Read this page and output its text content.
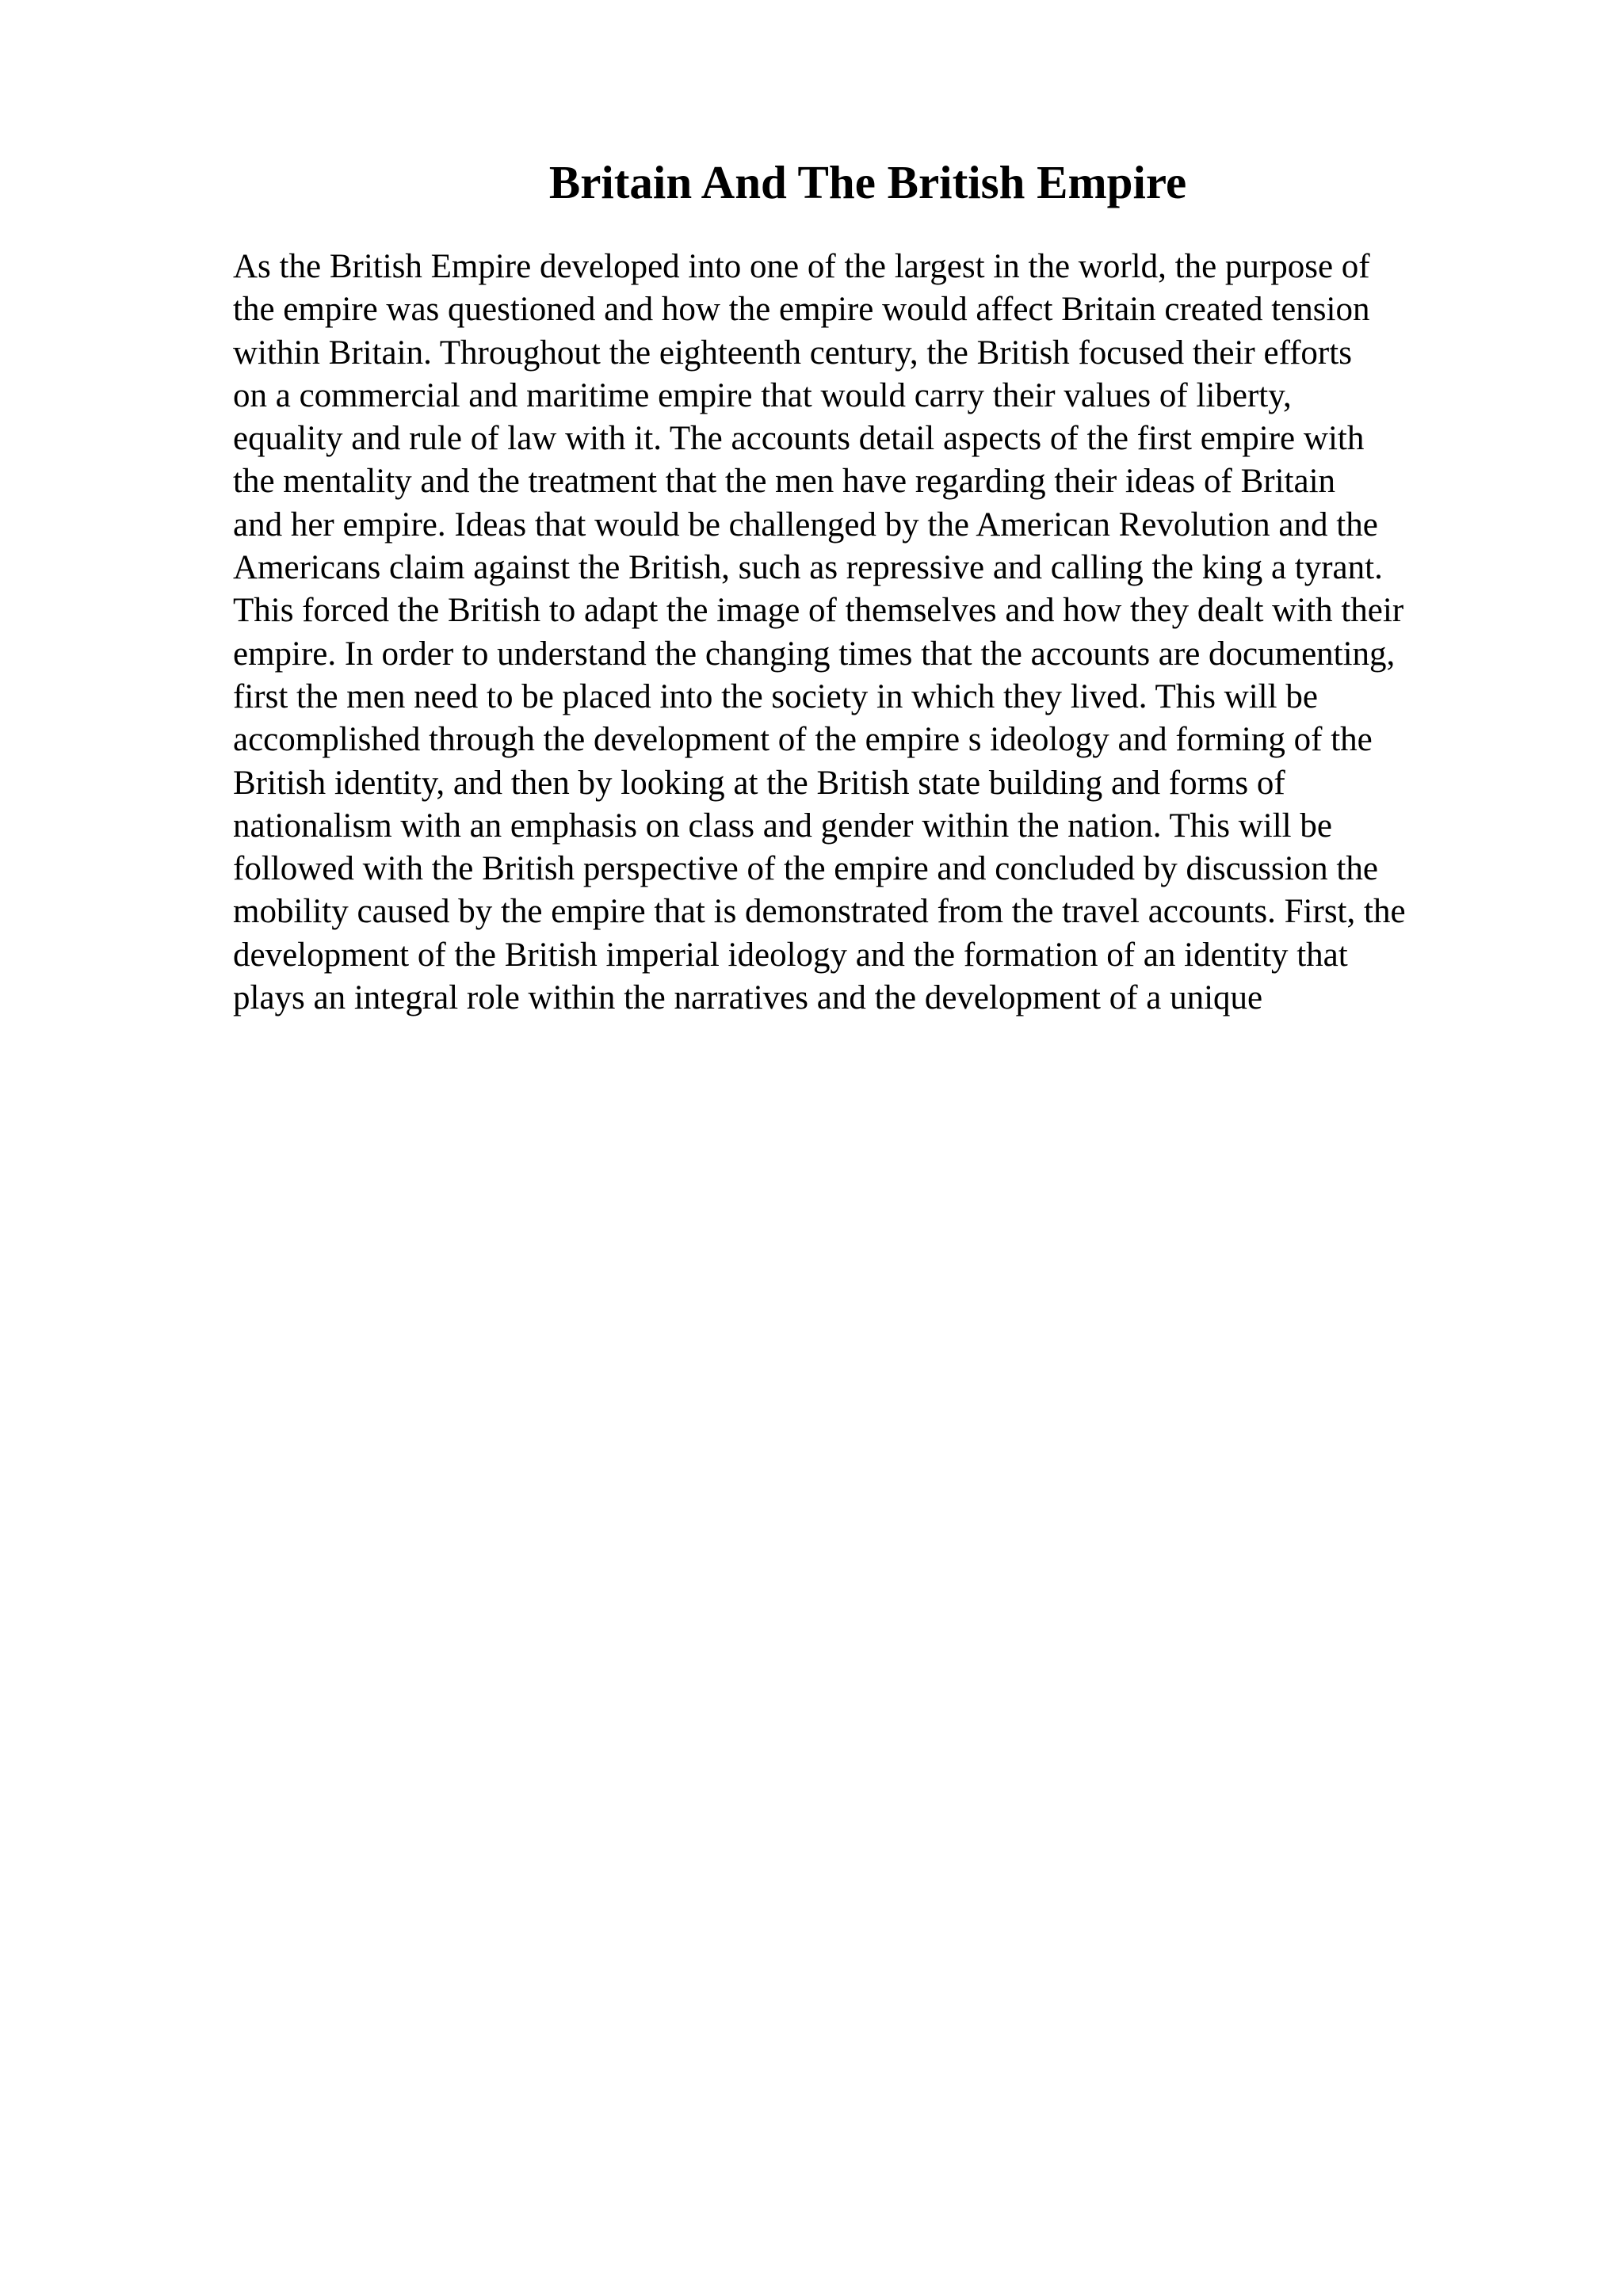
Britain And The British Empire
As the British Empire developed into one of the largest in the world, the purpose of
the empire was questioned and how the empire would affect Britain created tension
within Britain. Throughout the eighteenth century, the British focused their efforts
on a commercial and maritime empire that would carry their values of liberty,
equality and rule of law with it. The accounts detail aspects of the first empire with
the mentality and the treatment that the men have regarding their ideas of Britain
and her empire. Ideas that would be challenged by the American Revolution and the
Americans claim against the British, such as repressive and calling the king a tyrant.
This forced the British to adapt the image of themselves and how they dealt with their
empire. In order to understand the changing times that the accounts are documenting,
first the men need to be placed into the society in which they lived. This will be
accomplished through the development of the empire s ideology and forming of the
British identity, and then by looking at the British state building and forms of
nationalism with an emphasis on class and gender within the nation. This will be
followed with the British perspective of the empire and concluded by discussion the
mobility caused by the empire that is demonstrated from the travel accounts. First, the
development of the British imperial ideology and the formation of an identity that
plays an integral role within the narratives and the development of a unique
